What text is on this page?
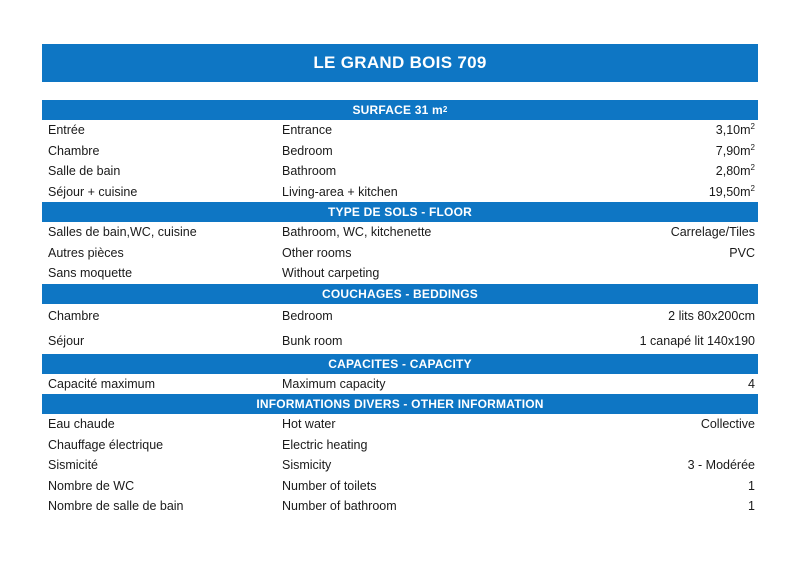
LE GRAND BOIS 709
SURFACE 31 m 2
Entrée	Entrance	$3,10m^2$
Chambre	Bedroom	$7,90m^2$
Salle de bain	Bathroom	$2,80m^2$
Séjour + cuisine	Living-area + kitchen	$19,50m^2$
TYPE DE SOLS - FLOOR
Salles de bain,WC, cuisine	Bathroom, WC, kitchenette	Carrelage/Tiles
Autres pièces	Other rooms	PVC
Sans moquette	Without carpeting
COUCHAGES - BEDDINGS
Chambre	Bedroom	2 lits 80x200cm
Séjour	Bunk room	1 canapé lit 140x190
CAPACITES - CAPACITY
Capacité maximum	Maximum capacity	4
INFORMATIONS DIVERS - OTHER INFORMATION
Eau chaude	Hot water	Collective
Chauffage électrique	Electric heating
Sismicité	Sismicity	3 - Modérée
Nombre de WC	Number of toilets	1
Nombre de salle de bain	Number of bathroom	1
